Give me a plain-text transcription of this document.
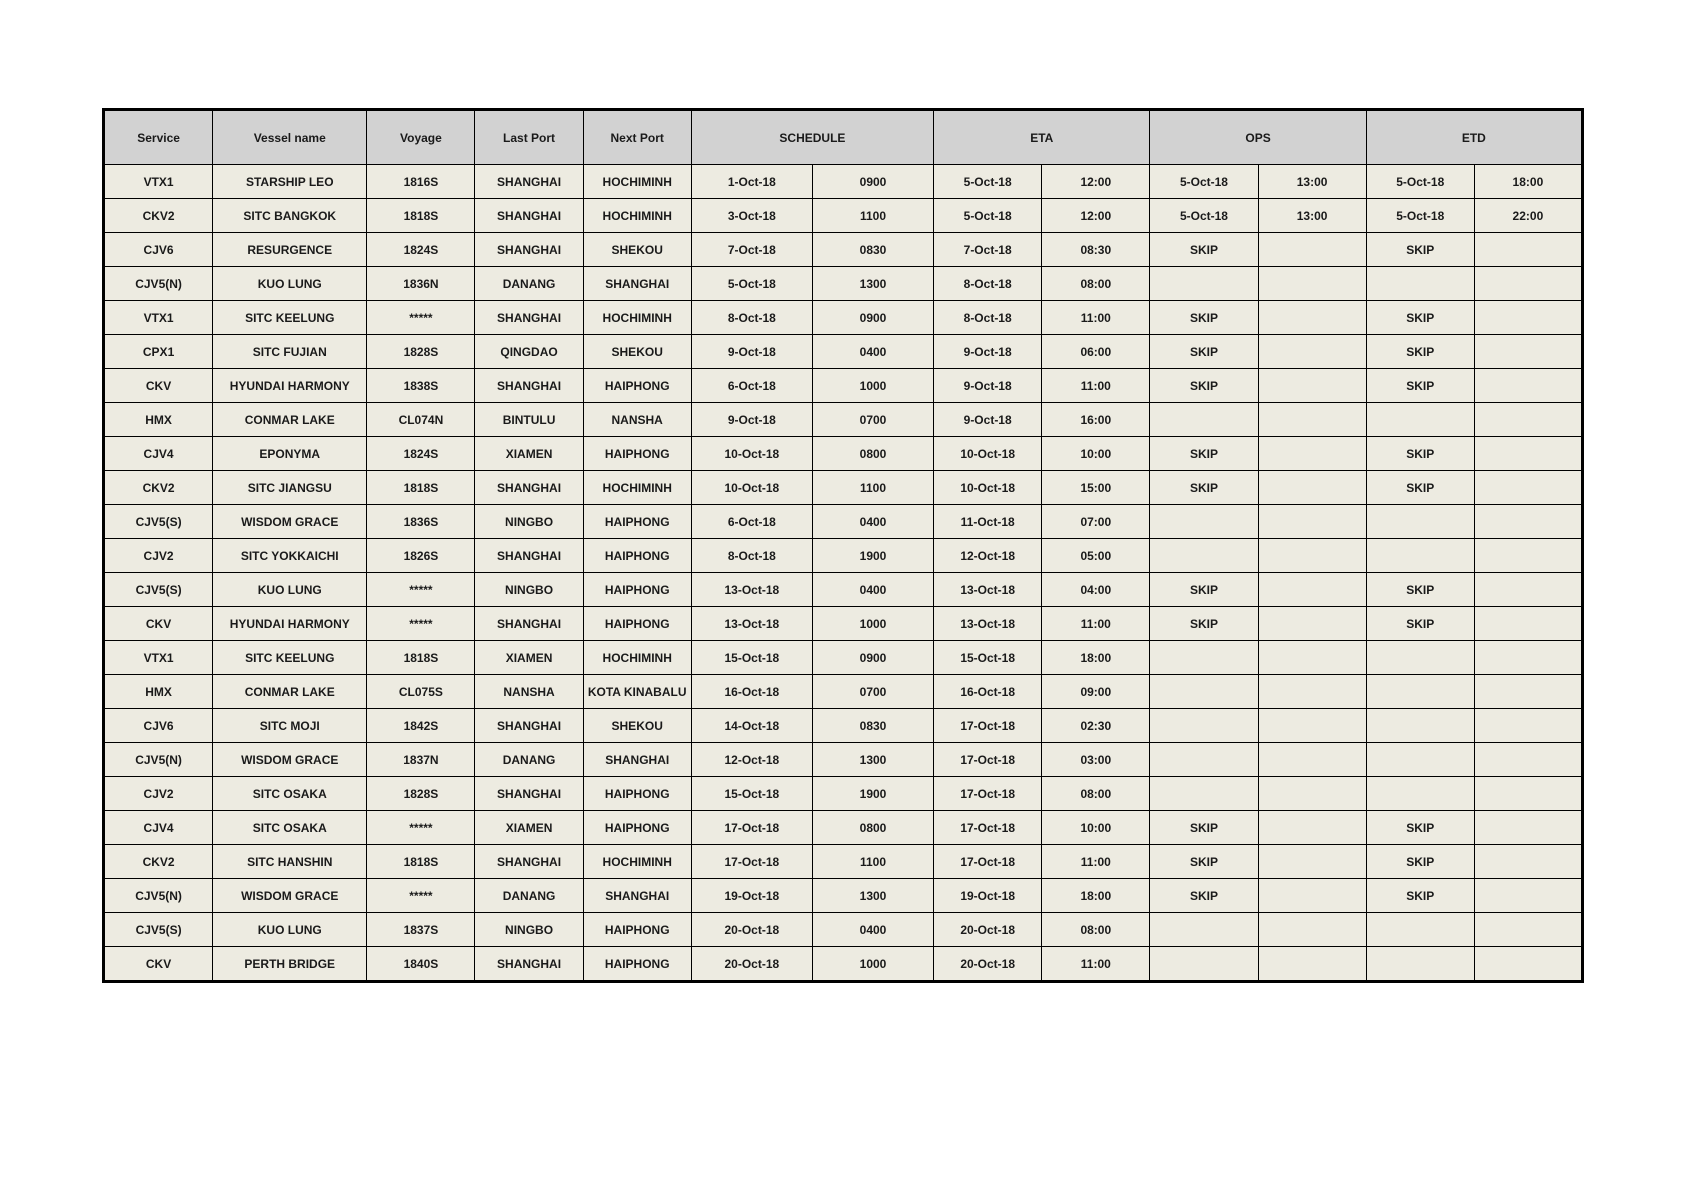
Service	Vessel name	Voyage	Last Port	Next Port	SCHEDULE		ETA		OPS		ETD	
VTX1	STARSHIP LEO	1816S	SHANGHAI	HOCHIMINH	1-Oct-18	0900	5-Oct-18	12:00	5-Oct-18	13:00	5-Oct-18	18:00
CKV2	SITC BANGKOK	1818S	SHANGHAI	HOCHIMINH	3-Oct-18	1100	5-Oct-18	12:00	5-Oct-18	13:00	5-Oct-18	22:00
CJV6	RESURGENCE	1824S	SHANGHAI	SHEKOU	7-Oct-18	0830	7-Oct-18	08:30	SKIP		SKIP	
CJV5(N)	KUO LUNG	1836N	DANANG	SHANGHAI	5-Oct-18	1300	8-Oct-18	08:00				
VTX1	SITC KEELUNG	*****	SHANGHAI	HOCHIMINH	8-Oct-18	0900	8-Oct-18	11:00	SKIP		SKIP	
CPX1	SITC FUJIAN	1828S	QINGDAO	SHEKOU	9-Oct-18	0400	9-Oct-18	06:00	SKIP		SKIP	
CKV	HYUNDAI HARMONY	1838S	SHANGHAI	HAIPHONG	6-Oct-18	1000	9-Oct-18	11:00	SKIP		SKIP	
HMX	CONMAR LAKE	CL074N	BINTULU	NANSHA	9-Oct-18	0700	9-Oct-18	16:00				
CJV4	EPONYMA	1824S	XIAMEN	HAIPHONG	10-Oct-18	0800	10-Oct-18	10:00	SKIP		SKIP	
CKV2	SITC JIANGSU	1818S	SHANGHAI	HOCHIMINH	10-Oct-18	1100	10-Oct-18	15:00	SKIP		SKIP	
CJV5(S)	WISDOM GRACE	1836S	NINGBO	HAIPHONG	6-Oct-18	0400	11-Oct-18	07:00				
CJV2	SITC YOKKAICHI	1826S	SHANGHAI	HAIPHONG	8-Oct-18	1900	12-Oct-18	05:00				
CJV5(S)	KUO LUNG	*****	NINGBO	HAIPHONG	13-Oct-18	0400	13-Oct-18	04:00	SKIP		SKIP	
CKV	HYUNDAI HARMONY	*****	SHANGHAI	HAIPHONG	13-Oct-18	1000	13-Oct-18	11:00	SKIP		SKIP	
VTX1	SITC KEELUNG	1818S	XIAMEN	HOCHIMINH	15-Oct-18	0900	15-Oct-18	18:00				
HMX	CONMAR LAKE	CL075S	NANSHA	KOTA KINABALU	16-Oct-18	0700	16-Oct-18	09:00				
CJV6	SITC MOJI	1842S	SHANGHAI	SHEKOU	14-Oct-18	0830	17-Oct-18	02:30				
CJV5(N)	WISDOM GRACE	1837N	DANANG	SHANGHAI	12-Oct-18	1300	17-Oct-18	03:00				
CJV2	SITC OSAKA	1828S	SHANGHAI	HAIPHONG	15-Oct-18	1900	17-Oct-18	08:00				
CJV4	SITC OSAKA	*****	XIAMEN	HAIPHONG	17-Oct-18	0800	17-Oct-18	10:00	SKIP		SKIP	
CKV2	SITC HANSHIN	1818S	SHANGHAI	HOCHIMINH	17-Oct-18	1100	17-Oct-18	11:00	SKIP		SKIP	
CJV5(N)	WISDOM GRACE	*****	DANANG	SHANGHAI	19-Oct-18	1300	19-Oct-18	18:00	SKIP		SKIP	
CJV5(S)	KUO LUNG	1837S	NINGBO	HAIPHONG	20-Oct-18	0400	20-Oct-18	08:00				
CKV	PERTH BRIDGE	1840S	SHANGHAI	HAIPHONG	20-Oct-18	1000	20-Oct-18	11:00				
